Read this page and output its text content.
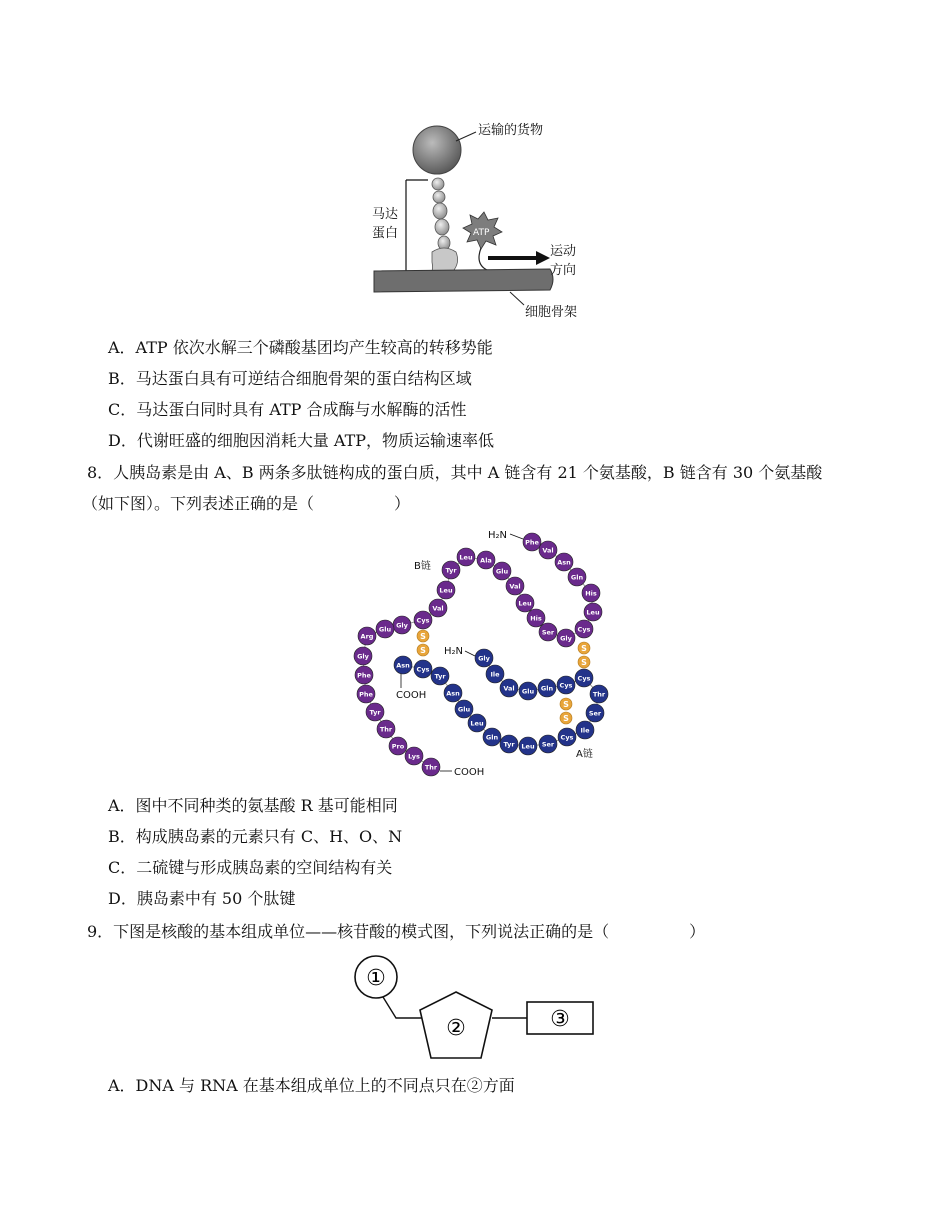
ATP
运输的货物
马达
蛋白
运动
方向
细胞骨架
A．ATP 依次水解三个磷酸基团均产生较高的转移势能
B．马达蛋白具有可逆结合细胞骨架的蛋白结构区域
C．马达蛋白同时具有 ATP 合成酶与水解酶的活性
D．代谢旺盛的细胞因消耗大量 ATP，物质运输速率低
8．人胰岛素是由 A、B 两条多肽链构成的蛋白质，其中 A 链含有 21 个氨基酸，B 链含有 30 个氨基酸
（如下图）。下列表述正确的是（　　　　　）
Phe
Val
Asn
Gln
His
Leu
Cys
Gly
Ser
His
Leu
Val
Glu
Ala
Leu
Tyr
Leu
Val
Cys
Gly
Glu
Arg
Gly
Phe
Phe
Tyr
Thr
Pro
Lys
Thr
Gly
Ile
Val Glu Gln Cys
Cys
Thr
Ser
Ile
Cys
Ser
Leu
Tyr
Gln
Leu
Glu
Asn
Tyr
Cys
Asn
S
S	S
S
S
S
H₂N
B链
H₂N
COOH
COOH
A链
A．图中不同种类的氨基酸 R 基可能相同
B．构成胰岛素的元素只有 C、H、O、N
C．二硫键与形成胰岛素的空间结构有关
D．胰岛素中有 50 个肽键
9．下图是核酸的基本组成单位——核苷酸的模式图，下列说法正确的是（　　　　　）
①
②	③
A．DNA 与 RNA 在基本组成单位上的不同点只在②方面
